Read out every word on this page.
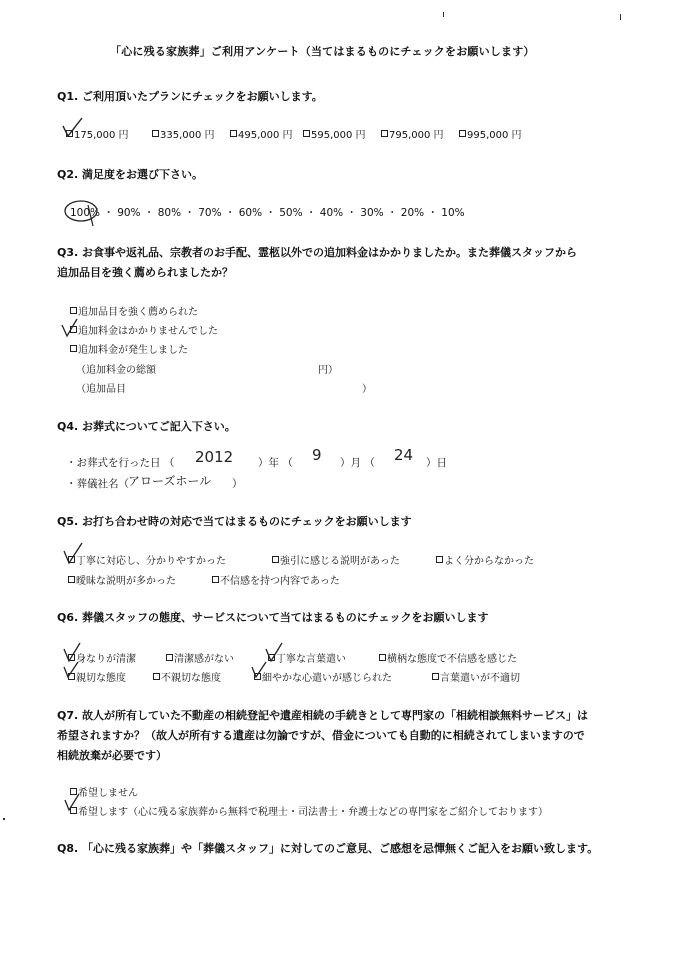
「心に残る家族葬」ご利用アンケート（当てはまるものにチェックをお願いします）
Q1. ご利用頂いたプランにチェックをお願いします。
175,000 円	335,000 円	495,000 円	595,000 円	795,000 円	995,000 円
Q2. 満足度をお選び下さい。
100% ・ 90% ・ 80% ・ 70% ・ 60% ・ 50% ・ 40% ・ 30% ・ 20% ・ 10%
Q3. お食事や返礼品、宗教者のお手配、霊柩以外での追加料金はかかりましたか。また葬儀スタッフから
追加品目を強く薦められましたか？
追加品目を強く薦められた
追加料金はかかりませんでした
追加料金が発生しました
（追加料金の総額	円）
（追加品目	）
Q4. お葬式についてご記入下さい。
・お葬式を行った日 （ 2012 ）年 （ 9 ）月 （ 24 ）日
・葬儀社名（ アローズホール ）
Q5. お打ち合わせ時の対応で当てはまるものにチェックをお願いします
丁寧に対応し、分かりやすかった	強引に感じる説明があった	よく分からなかった
曖昧な説明が多かった	不信感を持つ内容であった
Q6. 葬儀スタッフの態度、サービスについて当てはまるものにチェックをお願いします
身なりが清潔	清潔感がない	丁寧な言葉遣い	横柄な態度で不信感を感じた
親切な態度	不親切な態度	細やかな心遣いが感じられた	言葉遣いが不適切
Q7. 故人が所有していた不動産の相続登記や遺産相続の手続きとして専門家の「相続相談無料サービス」は
希望されますか？（故人が所有する遺産は勿論ですが、借金についても自動的に相続されてしまいますので
相続放棄が必要です）
希望しません
希望します（心に残る家族葬から無料で税理士・司法書士・弁護士などの専門家をご紹介しております）
Q8. 「心に残る家族葬」や「葬儀スタッフ」に対してのご意見、ご感想を忌憚無くご記入をお願い致します。
